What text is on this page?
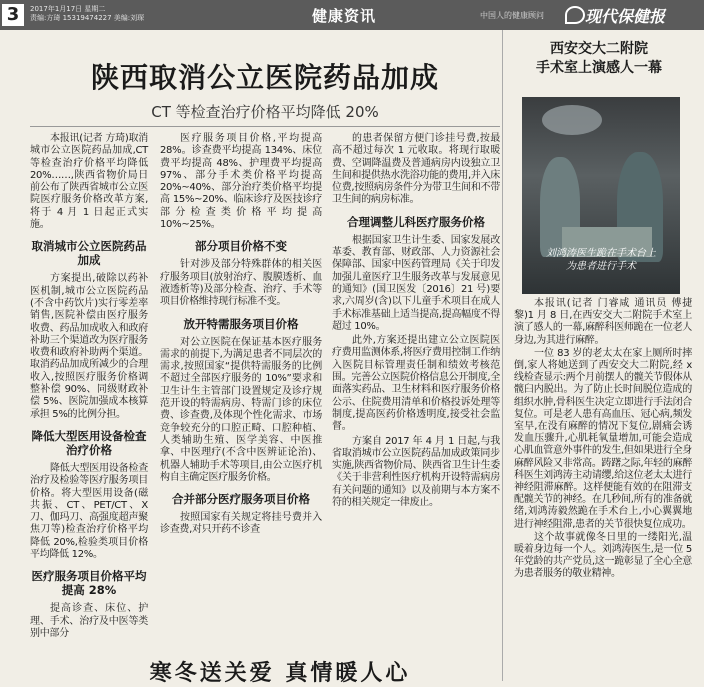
3	2017年1月17日 星期二
责编:方琦 15319474227 美编:刘琛	健康资讯	中国人的健康顾问	现代保健报
陕西取消公立医院药品加成
CT 等检查治疗价格平均降低 20%

本报讯(记者 方琦)取消城市公立医院药品加成,CT 等检查治疗价格平均降低 20%……,陕西省物价局日前公布了陕西省城市公立医院医疗服务价格改革方案,将于 4 月 1 日起正式实施。

取消城市公立医院药品加成

方案提出,破除以药补医机制,城市公立医院药品(不含中药饮片)实行零差率销售,医院补偿由医疗服务收费、药品加成收入和政府补助三个渠道改为医疗服务收费和政府补助两个渠道。取消药品加成所减少的合理收入,按照医疗服务价格调整补偿 90%、同级财政补偿 5%、医院加强成本核算承担 5%的比例分担。

降低大型医用设备检查治疗价格

降低大型医用设备检查治疗及检验等医疗服务项目价格。将大型医用设备(磁共振、CT、PET/CT、X 刀、伽玛刀、高强度超声聚焦刀等)检查治疗价格平均降低 20%,检验类项目价格平均降低 12%。

医疗服务项目价格平均提高 28%

提高诊查、床位、护理、手术、治疗及中医等类别中部分

医疗服务项目价格,平均提高 28%。诊查费平均提高 134%、床位费平均提高 48%、护理费平均提高 97%、部分手术类价格平均提高 20%~40%、部分治疗类价格平均提高 15%~20%、临床诊疗及医技诊疗部分检查类价格平均提高 10%~25%。

部分项目价格不变

针对涉及部分特殊群体的相关医疗服务项目(放射治疗、腹膜透析、血液透析等)及部分检查、治疗、手术等项目价格维持现行标准不变。

放开特需服务项目价格

对公立医院在保证基本医疗服务需求的前提下,为满足患者不同层次的需求,按照国家“提供特需服务的比例不超过全部医疗服务的 10%”要求和卫生计生主管部门设置规定及诊疗规范开设的特需病房、特需门诊的床位费、诊查费,及体现个性化需求、市场竞争较充分的口腔正畸、口腔种植、人类辅助生殖、医学美容、中医推拿、中医理疗(不含中医辨证论治)、机器人辅助手术等项目,由公立医疗机构自主确定医疗服务价格。

合并部分医疗服务项目价格

按照国家有关规定将挂号费并入诊查费,对只开药不诊查

的患者保留方便门诊挂号费,按最高不超过每次 1 元收取。将现行取暖费、空调降温费及普通病房内设独立卫生间和提供热水洗浴功能的费用,并入床位费,按照病房条件分为带卫生间和不带卫生间的病房标准。

合理调整儿科医疗服务价格

根据国家卫生计生委、国家发展改革委、教育部、财政部、人力资源社会保障部、国家中医药管理局《关于印发加强儿童医疗卫生服务改革与发展意见的通知》(国卫医发〔2016〕21 号)要求,六周岁(含)以下儿童手术项目在成人手术标准基础上适当提高,提高幅度不得超过 10%。

此外,方案还提出建立公立医院医疗费用监测体系,将医疗费用控制工作纳入医院目标管理责任制和绩效考核范围。完善公立医院价格信息公开制度,全面落实药品、卫生材料和医疗服务价格公示、住院费用清单和价格投诉处理等制度,提高医药价格透明度,接受社会监督。

方案自 2017 年 4 月 1 日起,与我省取消城市公立医院药品加成政策同步实施,陕西省物价局、陕西省卫生计生委《关于非营利性医疗机构开设特需病房有关问题的通知》以及前期与本方案不符的相关规定一律废止。

寒冬送关爱 真情暖人心
西安交大二附院
手术室上演感人一幕
刘鸿涛医生跪在手术台上
为患者进行手术

本报讯(记者 门睿咸 通讯员 傅捷 黎)1 月 8 日,在西安交大二附院手术室上演了感人的一幕,麻醉科医师跪在一位老人身边,为其进行麻醉。

一位 83 岁的老太太在家上厕所时摔倒,家人将她送到了西安交大二附院,经 x 线检查显示:两个月前摆人的髋关节假体从髋臼内脱出。为了防止长时间脱位造成的组织水肿,骨科医生决定立即进行手法闭合复位。可是老人患有高血压、冠心病,频发室早,在没有麻醉的情况下复位,剧痛会诱发血压骤升,心肌耗氧量增加,可能会造成心肌血管意外事件的发生,但如果进行全身麻醉风险又非常高。踌躇之际,年轻的麻醉科医生刘鸿涛主动请缨,给这位老太太进行神经阻滞麻醉。这样便能有效的在阻滞支配髋关节的神经。在几秒间,所有的准备就绪,刘鸿涛毅然跪在手术台上,小心翼翼地进行神经阻滞,患者的关节很快复位成功。

这个故事就像冬日里的一缕阳光,温暖着身边每一个人。刘鸿涛医生,是一位 5 年党龄的共产党员,这一跪彰显了全心全意为患者服务的敬业精神。
